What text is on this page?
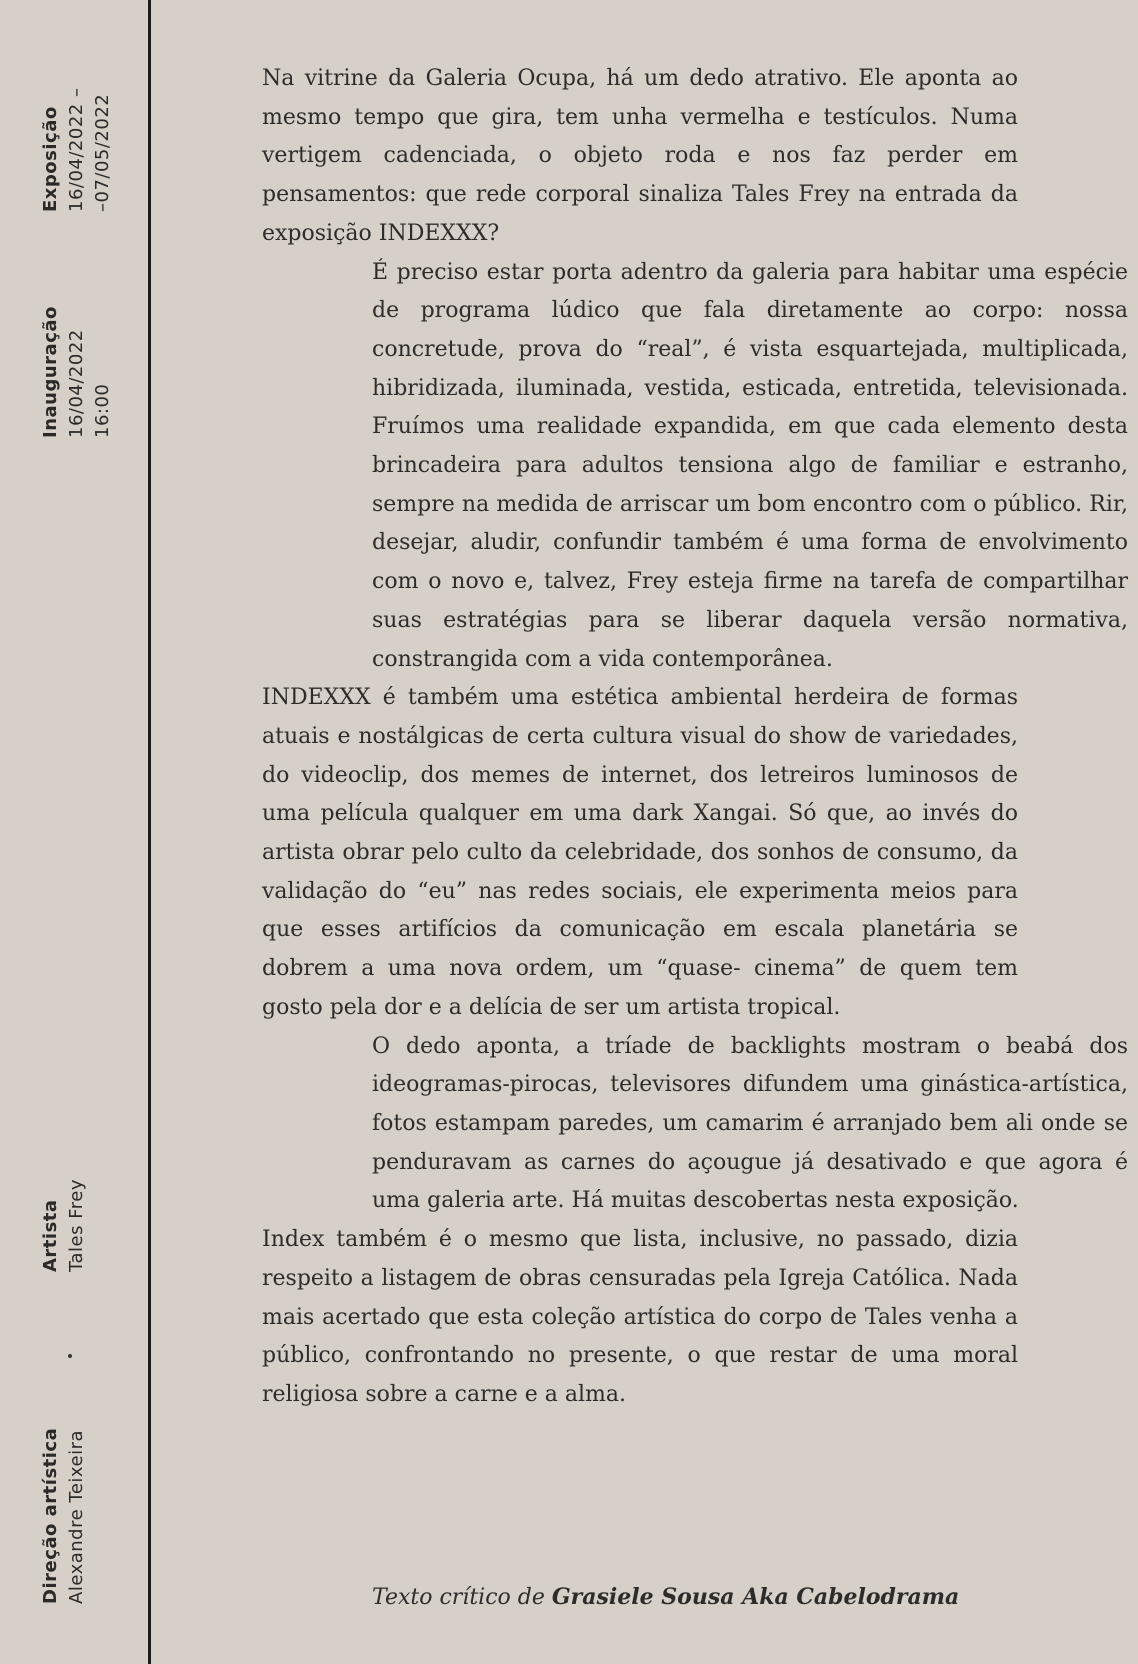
Exposição 16/04/2022 – –07/05/2022
Inauguração 16/04/2022 16:00
Artista Tales Frey
Direção artística Alexandre Teixeira

Na vitrine da Galeria Ocupa, há um dedo atrativo. Ele aponta ao mesmo tempo que gira, tem unha vermelha e testículos. Numa vertigem cadenciada, o objeto roda e nos faz perder em pensamentos: que rede corporal sinaliza Tales Frey na entrada da exposição INDEXXX?

É preciso estar porta adentro da galeria para habitar uma espécie de programa lúdico que fala diretamente ao corpo: nossa concretude, prova do “real”, é vista esquartejada, multiplicada, hibridizada, iluminada, vestida, esticada, entretida, televisionada. Fruímos uma realidade expandida, em que cada elemento desta brincadeira para adultos tensiona algo de familiar e estranho, sempre na medida de arriscar um bom encontro com o público. Rir, desejar, aludir, confundir também é uma forma de envolvimento com o novo e, talvez, Frey esteja firme na tarefa de compartilhar suas estratégias para se liberar daquela versão normativa, constrangida com a vida contemporânea.

INDEXXX é também uma estética ambiental herdeira de formas atuais e nostálgicas de certa cultura visual do show de variedades, do videoclip, dos memes de internet, dos letreiros luminosos de uma película qualquer em uma dark Xangai. Só que, ao invés do artista obrar pelo culto da celebridade, dos sonhos de consumo, da validação do “eu” nas redes sociais, ele experimenta meios para que esses artifícios da comunicação em escala planetária se dobrem a uma nova ordem, um “quase- cinema” de quem tem gosto pela dor e a delícia de ser um artista tropical.

O dedo aponta, a tríade de backlights mostram o beabá dos ideogramas-pirocas, televisores difundem uma ginástica-artística, fotos estampam paredes, um camarim é arranjado bem ali onde se penduravam as carnes do açougue já desativado e que agora é uma galeria arte. Há muitas descobertas nesta exposição.

Index também é o mesmo que lista, inclusive, no passado, dizia respeito a listagem de obras censuradas pela Igreja Católica. Nada mais acertado que esta coleção artística do corpo de Tales venha a público, confrontando no presente, o que restar de uma moral religiosa sobre a carne e a alma.

Texto crítico de Grasiele Sousa Aka Cabelodrama
